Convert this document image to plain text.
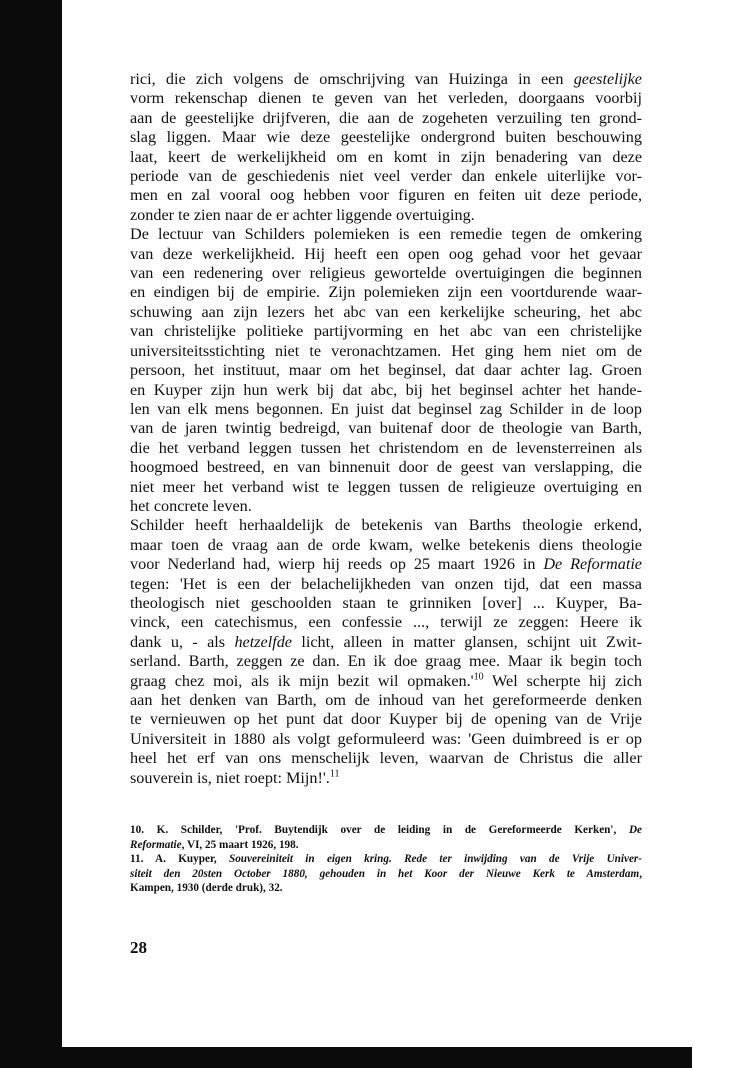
rici, die zich volgens de omschrijving van Huizinga in een geestelijke
vorm rekenschap dienen te geven van het verleden, doorgaans voorbij
aan de geestelijke drijfveren, die aan de zogeheten verzuiling ten grond-
slag liggen. Maar wie deze geestelijke ondergrond buiten beschouwing
laat, keert de werkelijkheid om en komt in zijn benadering van deze
periode van de geschiedenis niet veel verder dan enkele uiterlijke vor-
men en zal vooral oog hebben voor figuren en feiten uit deze periode,
zonder te zien naar de er achter liggende overtuiging.
De lectuur van Schilders polemieken is een remedie tegen de omkering
van deze werkelijkheid. Hij heeft een open oog gehad voor het gevaar
van een redenering over religieus gewortelde overtuigingen die beginnen
en eindigen bij de empirie. Zijn polemieken zijn een voortdurende waar-
schuwing aan zijn lezers het abc van een kerkelijke scheuring, het abc
van christelijke politieke partijvorming en het abc van een christelijke
universiteitsstichting niet te veronachtzamen. Het ging hem niet om de
persoon, het instituut, maar om het beginsel, dat daar achter lag. Groen
en Kuyper zijn hun werk bij dat abc, bij het beginsel achter het hande-
len van elk mens begonnen. En juist dat beginsel zag Schilder in de loop
van de jaren twintig bedreigd, van buitenaf door de theologie van Barth,
die het verband leggen tussen het christendom en de levensterreinen als
hoogmoed bestreed, en van binnenuit door de geest van verslapping, die
niet meer het verband wist te leggen tussen de religieuze overtuiging en
het concrete leven.
Schilder heeft herhaaldelijk de betekenis van Barths theologie erkend,
maar toen de vraag aan de orde kwam, welke betekenis diens theologie
voor Nederland had, wierp hij reeds op 25 maart 1926 in De Reformatie
tegen: 'Het is een der belachelijkheden van onzen tijd, dat een massa
theologisch niet geschoolden staan te grinniken [over] ... Kuyper, Ba-
vinck, een catechismus, een confessie ..., terwijl ze zeggen: Heere ik
dank u, - als hetzelfde licht, alleen in matter glansen, schijnt uit Zwit-
serland. Barth, zeggen ze dan. En ik doe graag mee. Maar ik begin toch
graag chez moi, als ik mijn bezit wil $opmaken.'^{10}$ Wel scherpte hij zich
aan het denken van Barth, om de inhoud van het gereformeerde denken
te vernieuwen op het punt dat door Kuyper bij de opening van de Vrije
Universiteit in 1880 als volgt geformuleerd was: 'Geen duimbreed is er op
heel het erf van ons menschelijk leven, waarvan de Christus die aller
souverein is, niet roept: Mijn!'.$^{11}$

10. K. Schilder, 'Prof. Buytendijk over de leiding in de Gereformeerde Kerken', De
Reformatie, VI, 25 maart 1926, 198.
11. A. Kuyper, Souvereiniteit in eigen kring. Rede ter inwijding van de Vrije Univer-
siteit den 20sten October 1880, gehouden in het Koor der Nieuwe Kerk te Amsterdam,
Kampen, 1930 (derde druk), 32.
28
